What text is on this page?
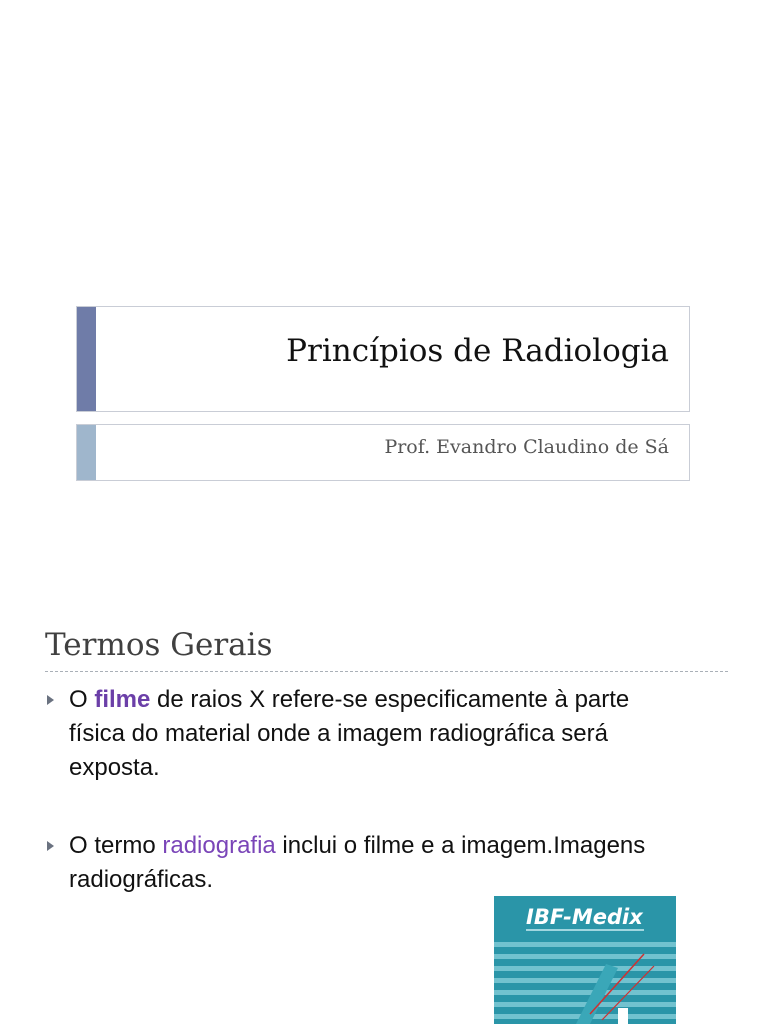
Princípios de Radiologia
Prof. Evandro Claudino de Sá
Termos Gerais
O filme de raios X refere-se especificamente à parte física do material onde a imagem radiográfica será exposta.
O termo radiografia inclui o filme e a imagem.Imagens radiográficas.
IBF-Medix
